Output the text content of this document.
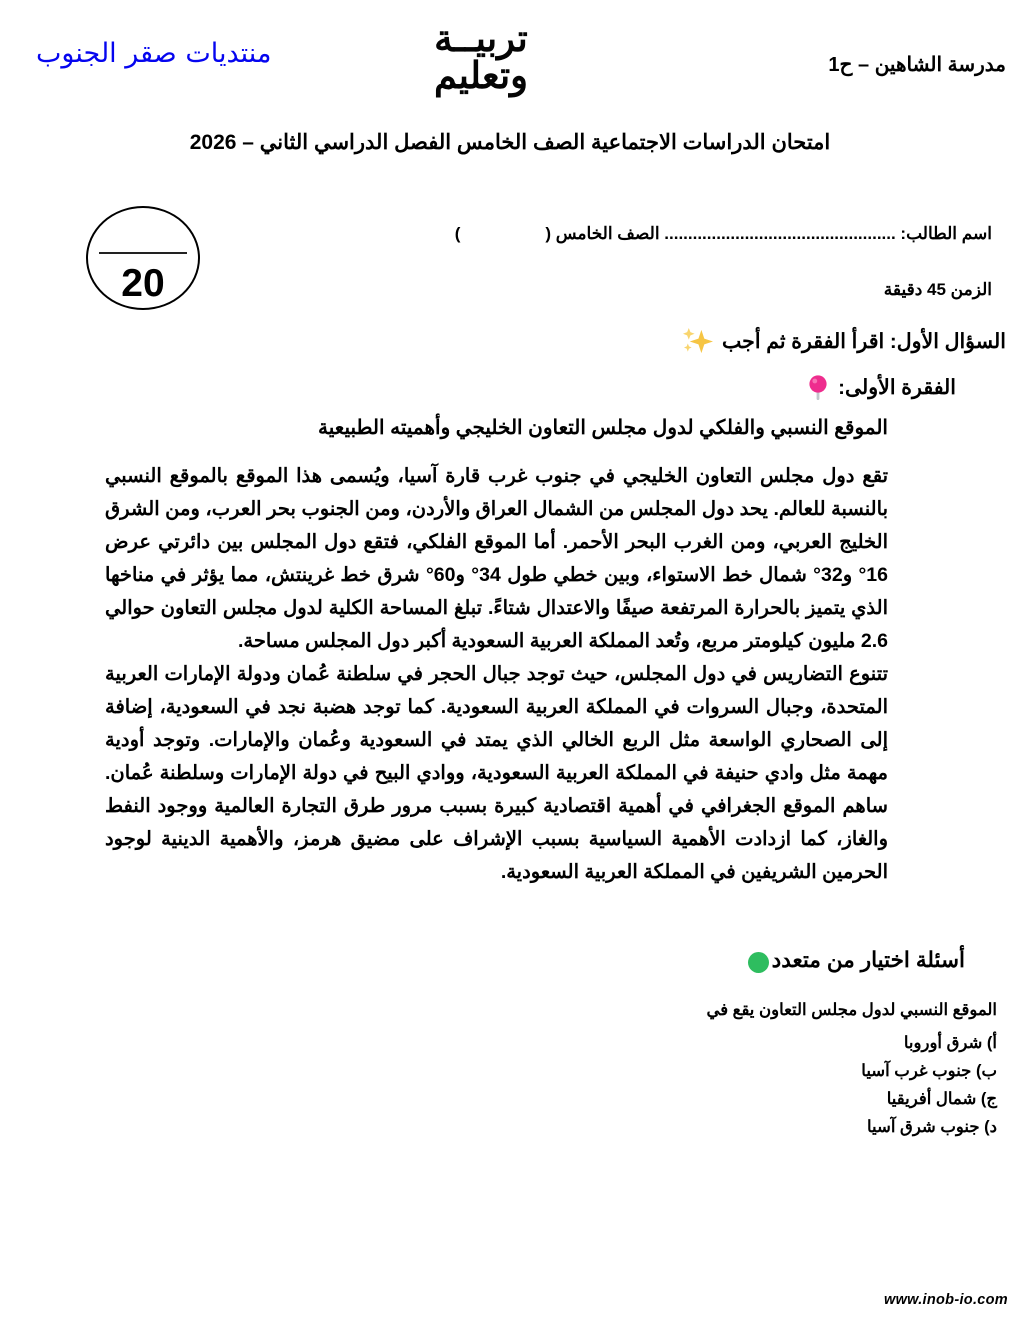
منتديات صقر الجنوب	تربيــة
وتعليم	مدرسة الشاهين – ح1
امتحان الدراسات الاجتماعية الصف الخامس الفصل الدراسي الثاني – 2026
20
اسم الطالب: ................................................. الصف الخامس (                  )
الزمن 45 دقيقة
السؤال الأول: اقرأ الفقرة ثم أجب
الفقرة الأولى:
الموقع النسبي والفلكي لدول مجلس التعاون الخليجي وأهميته الطبيعية

تقع دول مجلس التعاون الخليجي في جنوب غرب قارة آسيا، ويُسمى هذا الموقع بالموقع النسبي بالنسبة للعالم. يحد دول المجلس من الشمال العراق والأردن، ومن الجنوب بحر العرب، ومن الشرق الخليج العربي، ومن الغرب البحر الأحمر. أما الموقع الفلكي، فتقع دول المجلس بين دائرتي عرض 16° و32° شمال خط الاستواء، وبين خطي طول 34° و60° شرق خط غرينتش، مما يؤثر في مناخها الذي يتميز بالحرارة المرتفعة صيفًا والاعتدال شتاءً. تبلغ المساحة الكلية لدول مجلس التعاون حوالي 2.6 مليون كيلومتر مربع، وتُعد المملكة العربية السعودية أكبر دول المجلس مساحة.

تتنوع التضاريس في دول المجلس، حيث توجد جبال الحجر في سلطنة عُمان ودولة الإمارات العربية المتحدة، وجبال السروات في المملكة العربية السعودية. كما توجد هضبة نجد في السعودية، إضافة إلى الصحاري الواسعة مثل الربع الخالي الذي يمتد في السعودية وعُمان والإمارات. وتوجد أودية مهمة مثل وادي حنيفة في المملكة العربية السعودية، ووادي البيح في دولة الإمارات وسلطنة عُمان. ساهم الموقع الجغرافي في أهمية اقتصادية كبيرة بسبب مرور طرق التجارة العالمية ووجود النفط والغاز، كما ازدادت الأهمية السياسية بسبب الإشراف على مضيق هرمز، والأهمية الدينية لوجود الحرمين الشريفين في المملكة العربية السعودية.

أسئلة اختيار من متعدد
الموقع النسبي لدول مجلس التعاون يقع في
أ) شرق أوروبا
ب) جنوب غرب آسيا
ج) شمال أفريقيا
د) جنوب شرق آسيا
www.inob-io.com
